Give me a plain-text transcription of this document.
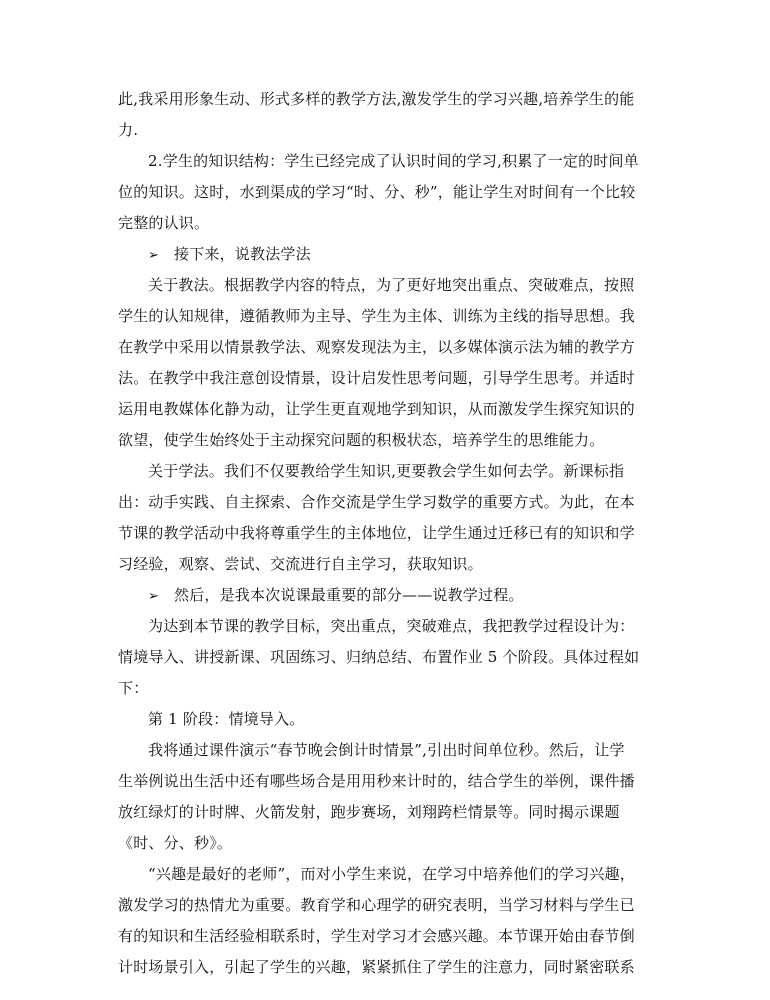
此,我采用形象生动、形式多样的教学方法,激发学生的学习兴趣,培养学生的能
力.
2.学生的知识结构：学生已经完成了认识时间的学习,积累了一定的时间单
位的知识。这时，水到渠成的学习“时、分、秒”，能让学生对时间有一个比较
完整的认识。
➢ 接下来，说教法学法
关于教法。根据教学内容的特点，为了更好地突出重点、突破难点，按照
学生的认知规律，遵循教师为主导、学生为主体、训练为主线的指导思想。我
在教学中采用以情景教学法、观察发现法为主，以多媒体演示法为辅的教学方
法。在教学中我注意创设情景，设计启发性思考问题，引导学生思考。并适时
运用电教媒体化静为动，让学生更直观地学到知识，从而激发学生探究知识的
欲望，使学生始终处于主动探究问题的积极状态，培养学生的思维能力。
关于学法。我们不仅要教给学生知识,更要教会学生如何去学。新课标指
出：动手实践、自主探索、合作交流是学生学习数学的重要方式。为此，在本
节课的教学活动中我将尊重学生的主体地位，让学生通过迁移已有的知识和学
习经验，观察、尝试、交流进行自主学习，获取知识。
➢ 然后，是我本次说课最重要的部分——说教学过程。
为达到本节课的教学目标，突出重点，突破难点，我把教学过程设计为：
情境导入、讲授新课、巩固练习、归纳总结、布置作业 5 个阶段。具体过程如
下：
第 1 阶段：情境导入。
我将通过课件演示“春节晚会倒计时情景”,引出时间单位秒。然后，让学
生举例说出生活中还有哪些场合是用用秒来计时的，结合学生的举例，课件播
放红绿灯的计时牌、火箭发射，跑步赛场，刘翔跨栏情景等。同时揭示课题
《时、分、秒》。
“兴趣是最好的老师”，而对小学生来说，在学习中培养他们的学习兴趣，
激发学习的热情尤为重要。教育学和心理学的研究表明，当学习材料与学生已
有的知识和生活经验相联系时，学生对学习才会感兴趣。本节课开始由春节倒
计时场景引入，引起了学生的兴趣，紧紧抓住了学生的注意力，同时紧密联系
